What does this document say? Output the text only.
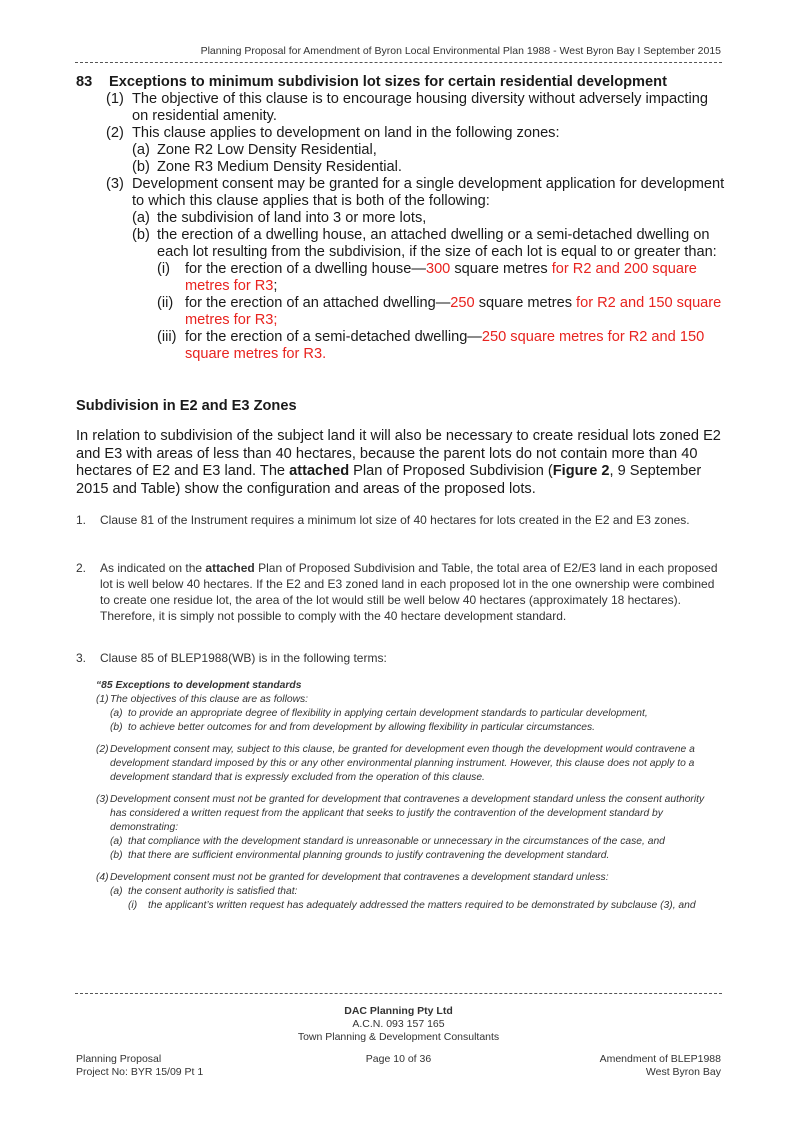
Planning Proposal for Amendment of Byron Local Environmental Plan 1988 - West Byron Bay I September 2015
83	Exceptions to minimum subdivision lot sizes for certain residential development
(1) The objective of this clause is to encourage housing diversity without adversely impacting on residential amenity.
(2) This clause applies to development on land in the following zones:
(a) Zone R2 Low Density Residential,
(b) Zone R3 Medium Density Residential.
(3) Development consent may be granted for a single development application for development to which this clause applies that is both of the following:
(a) the subdivision of land into 3 or more lots,
(b) the erection of a dwelling house, an attached dwelling or a semi-detached dwelling on each lot resulting from the subdivision, if the size of each lot is equal to or greater than:
(i)	for the erection of a dwelling house—300 square metres for R2 and 200 square metres for R3;
(ii) for the erection of an attached dwelling—250 square metres for R2 and 150 square metres for R3;
(iii) for the erection of a semi-detached dwelling—250 square metres for R2 and 150 square metres for R3.
Subdivision in E2 and E3 Zones
In relation to subdivision of the subject land it will also be necessary to create residual lots zoned E2 and E3 with areas of less than 40 hectares, because the parent lots do not contain more than 40 hectares of E2 and E3 land. The attached Plan of Proposed Subdivision (Figure 2, 9 September 2015 and Table) show the configuration and areas of the proposed lots.
1.	Clause 81 of the Instrument requires a minimum lot size of 40 hectares for lots created in the E2 and E3 zones.
2.	As indicated on the attached Plan of Proposed Subdivision and Table, the total area of E2/E3 land in each proposed lot is well below 40 hectares. If the E2 and E3 zoned land in each proposed lot in the one ownership were combined to create one residue lot, the area of the lot would still be well below 40 hectares (approximately 18 hectares). Therefore, it is simply not possible to comply with the 40 hectare development standard.
3.	Clause 85 of BLEP1988(WB) is in the following terms:
“85 Exceptions to development standards
(1) The objectives of this clause are as follows:
(a) to provide an appropriate degree of flexibility in applying certain development standards to particular development,
(b) to achieve better outcomes for and from development by allowing flexibility in particular circumstances.
(2) Development consent may, subject to this clause, be granted for development even though the development would contravene a development standard imposed by this or any other environmental planning instrument. However, this clause does not apply to a development standard that is expressly excluded from the operation of this clause.
(3) Development consent must not be granted for development that contravenes a development standard unless the consent authority has considered a written request from the applicant that seeks to justify the contravention of the development standard by demonstrating:
(a) that compliance with the development standard is unreasonable or unnecessary in the circumstances of the case, and
(b) that there are sufficient environmental planning grounds to justify contravening the development standard.
(4) Development consent must not be granted for development that contravenes a development standard unless:
(a) the consent authority is satisfied that:
(i)	the applicant’s written request has adequately addressed the matters required to be demonstrated by subclause (3), and
DAC Planning Pty Ltd
A.C.N. 093 157 165
Town Planning & Development Consultants
Planning Proposal
Project No: BYR 15/09 Pt 1
Page 10 of 36	Amendment of BLEP1988
West Byron Bay
